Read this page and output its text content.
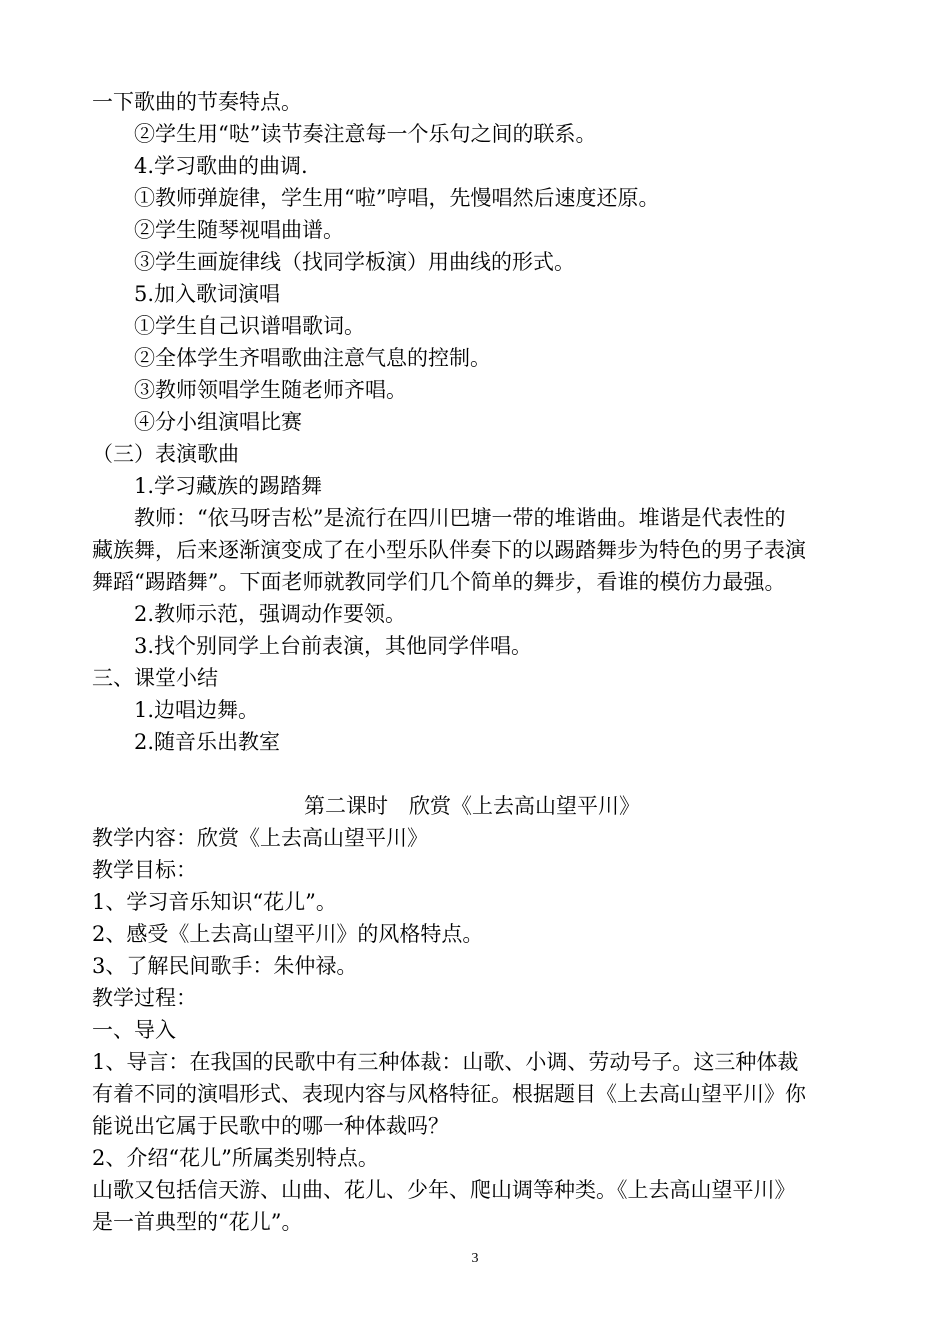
一下歌曲的节奏特点。
②学生用“哒”读节奏注意每一个乐句之间的联系。
4.学习歌曲的曲调.
①教师弹旋律，学生用“啦”哼唱，先慢唱然后速度还原。
②学生随琴视唱曲谱。
③学生画旋律线（找同学板演）用曲线的形式。
5.加入歌词演唱
①学生自己识谱唱歌词。
②全体学生齐唱歌曲注意气息的控制。
③教师领唱学生随老师齐唱。
④分小组演唱比赛
（三）表演歌曲
1.学习藏族的踢踏舞
教师：“依马呀吉松”是流行在四川巴塘一带的堆谐曲。堆谐是代表性的
藏族舞，后来逐渐演变成了在小型乐队伴奏下的以踢踏舞步为特色的男子表演
舞蹈“踢踏舞”。下面老师就教同学们几个简单的舞步，看谁的模仿力最强。
2.教师示范，强调动作要领。
3.找个别同学上台前表演，其他同学伴唱。
三、课堂小结
1.边唱边舞。
2.随音乐出教室
第二课时　欣赏《上去高山望平川》
教学内容：欣赏《上去高山望平川》
教学目标：
1、学习音乐知识“花儿”。
2、感受《上去高山望平川》的风格特点。
3、了解民间歌手：朱仲禄。
教学过程：
一、导入
1、导言：在我国的民歌中有三种体裁：山歌、小调、劳动号子。这三种体裁
有着不同的演唱形式、表现内容与风格特征。根据题目《上去高山望平川》你
能说出它属于民歌中的哪一种体裁吗？
2、介绍“花儿”所属类别特点。
山歌又包括信天游、山曲、花儿、少年、爬山调等种类。《上去高山望平川》
是一首典型的“花儿”。
3
